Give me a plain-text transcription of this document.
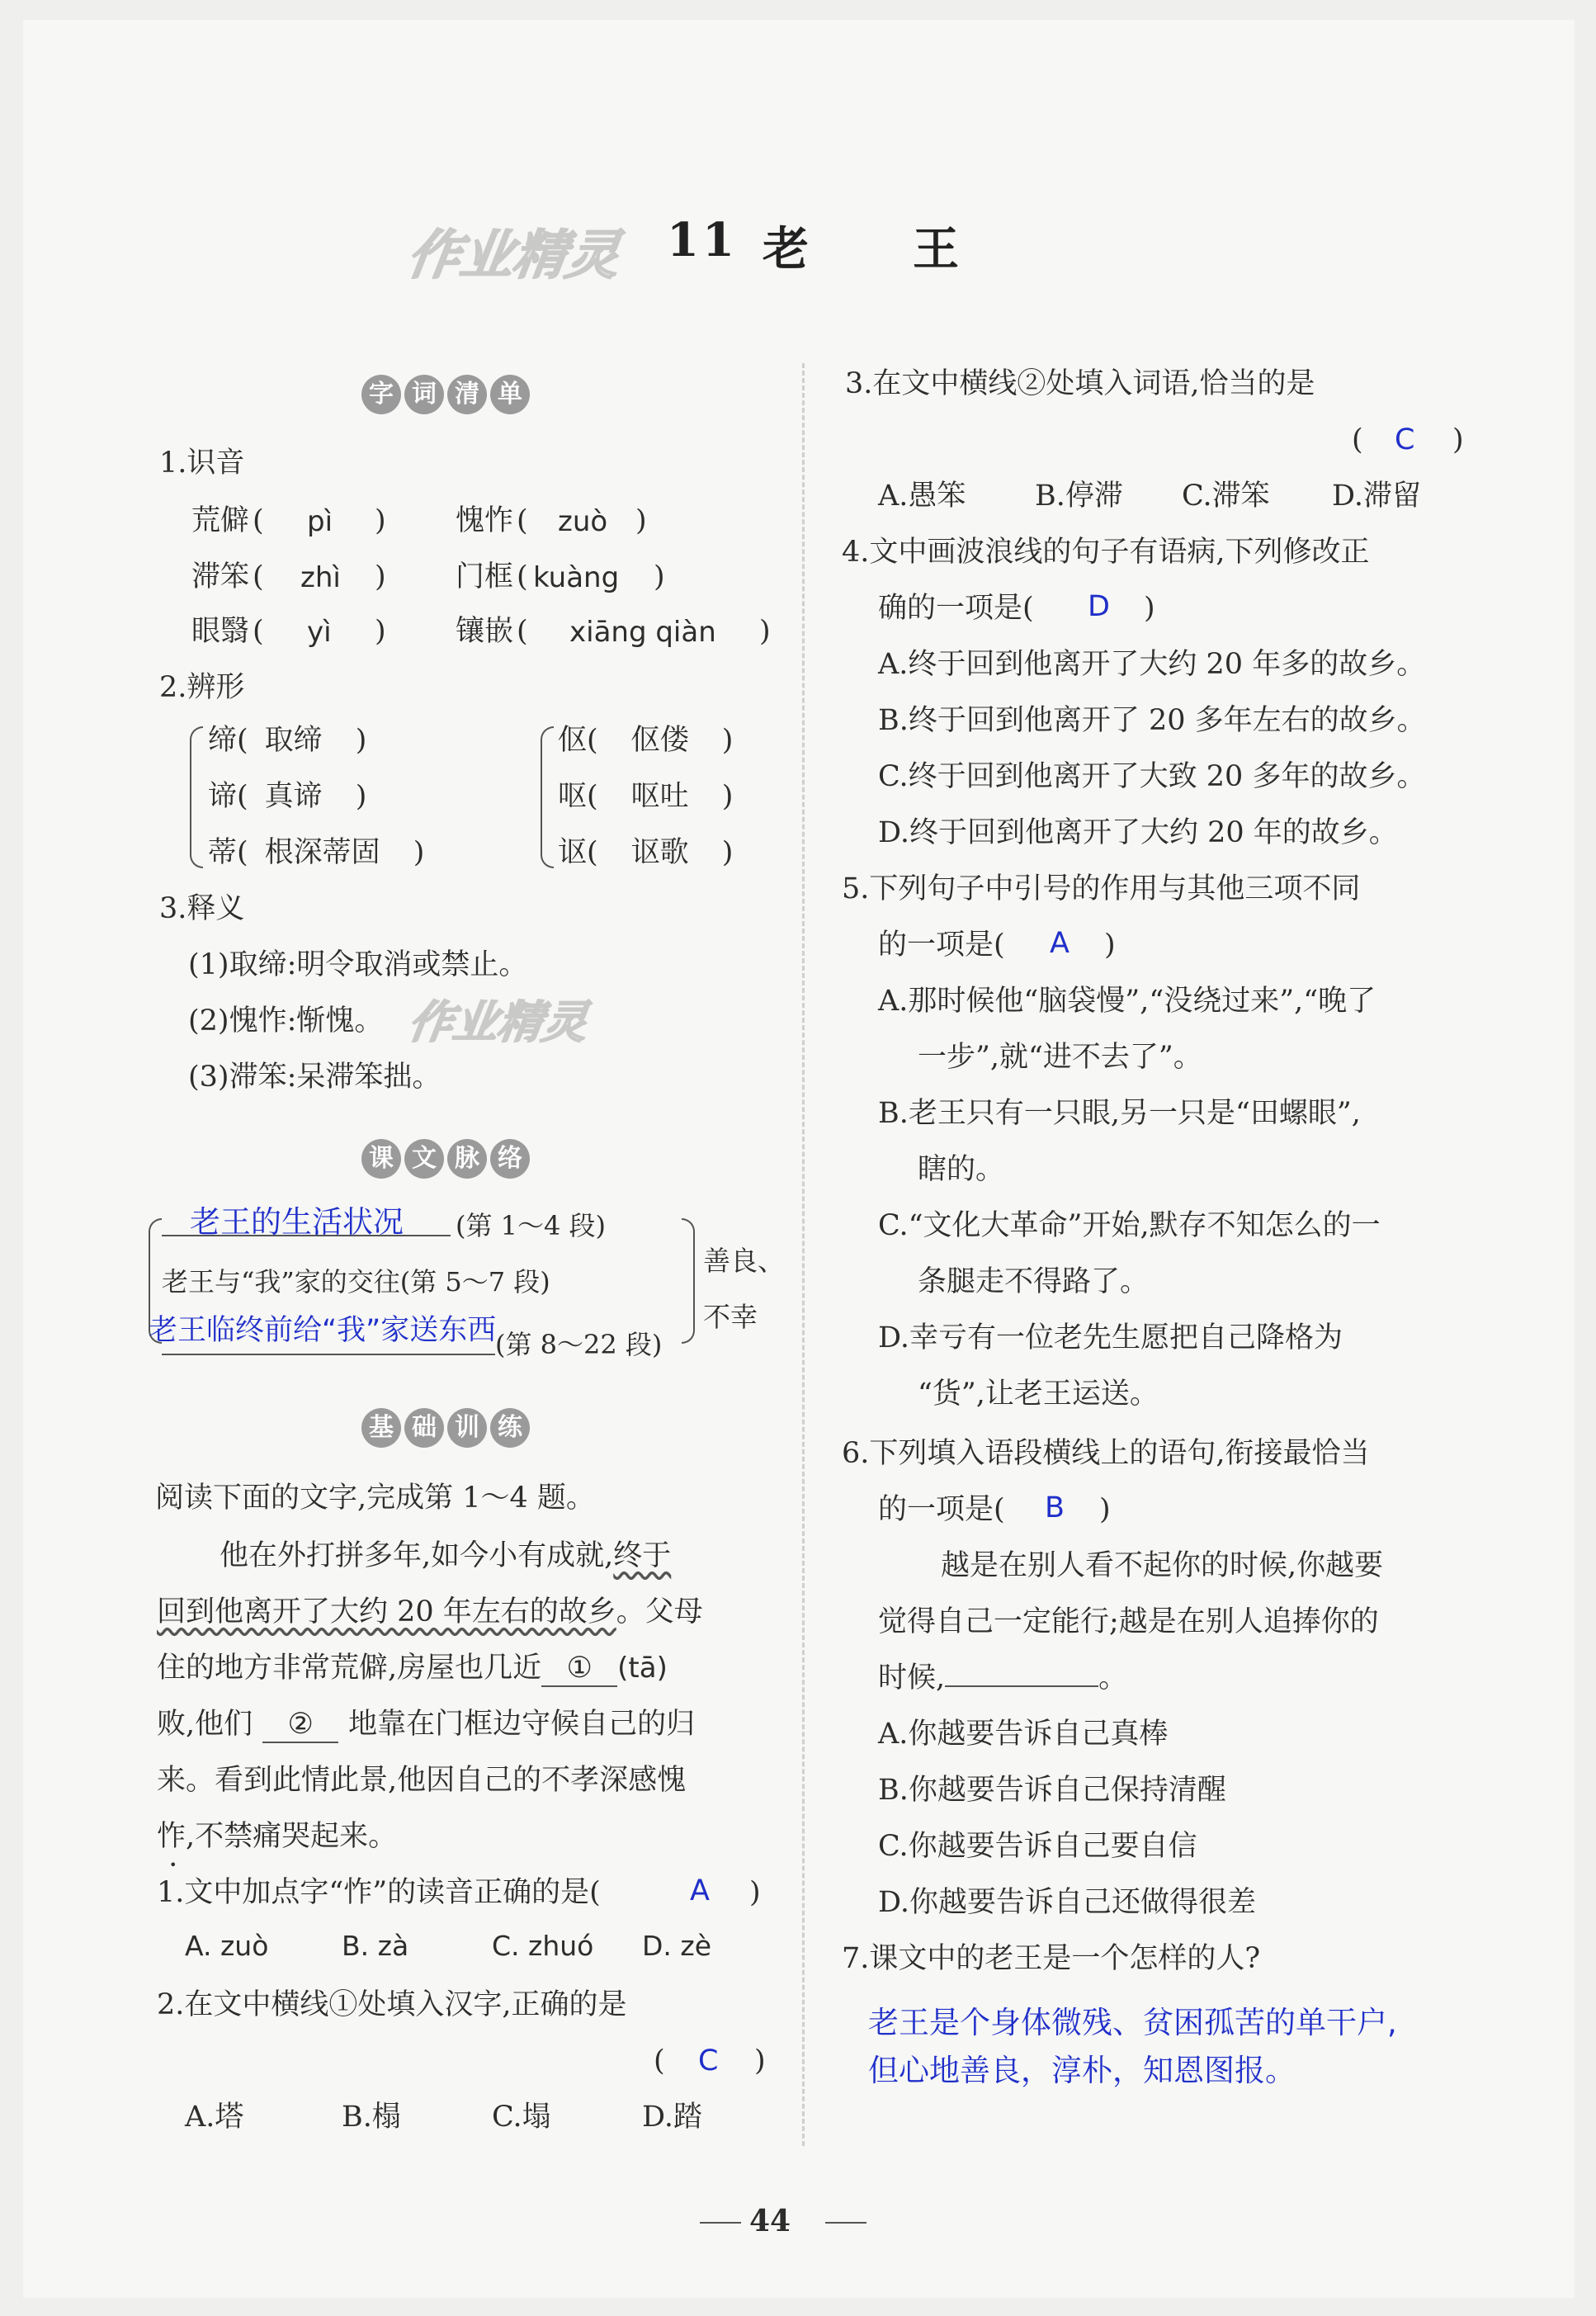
作业精灵 11 老 王
字 词 清 单
1.识音
荒僻 ( pì ) 愧怍 ( zuò )
滞笨 ( zhì ) 门框 ( kuàng )
眼翳 ( yì ) 镶嵌 ( xiāng qiàn )
2.辨形
缔( 取缔 )
谛( 真谛 )
蒂( 根深蒂固 )
伛( 伛偻 )
呕( 呕吐 )
讴( 讴歌 )
3.释义
(1)取缔:明令取消或禁止。
(2)愧怍:惭愧。 作业精灵
(3)滞笨:呆滞笨拙。
课 文 脉 络
老王的生活状况 (第 1～4 段)
老王与“我”家的交往(第 5～7 段)
老王临终前给“我”家送东西
(第 8～22 段)
善良、
不幸
基 础 训 练
阅读下面的文字,完成第 1～4 题。
他在外打拼多年,如今小有成就,终于
回到他离开了大约 20 年左右的故乡。父母
住的地方非常荒僻,房屋也几近 ① (tā)
败,他们 ② 地靠在门框边守候自己的归
来。看到此情此景,他因自己的不孝深感愧
怍,不禁痛哭起来。
•
1.文中加点字“怍”的读音正确的是(	A )
A. zuò	B. zà	C. zhuó D. zè
2.在文中横线①处填入汉字,正确的是
( C )
A.塔	B.榻	C.塌	D.踏
3.在文中横线②处填入词语,恰当的是
( C )
A.愚笨 B.停滞 C.滞笨 D.滞留
4.文中画波浪线的句子有语病,下列修改正
确的一项是( D )
A.终于回到他离开了大约 20 年多的故乡。
B.终于回到他离开了 20 多年左右的故乡。
C.终于回到他离开了大致 20 多年的故乡。
D.终于回到他离开了大约 20 年的故乡。
5.下列句子中引号的作用与其他三项不同
的一项是( A )
A.那时候他“脑袋慢”,“没绕过来”,“晚了
一步”,就“进不去了”。
B.老王只有一只眼,另一只是“田螺眼”,
瞎的。
C.“文化大革命”开始,默存不知怎么的一
条腿走不得路了。
D.幸亏有一位老先生愿把自己降格为
“货”,让老王运送。
6.下列填入语段横线上的语句,衔接最恰当
的一项是( B )
越是在别人看不起你的时候,你越要
觉得自己一定能行;越是在别人追捧你的
时候,	。
A.你越要告诉自己真棒
B.你越要告诉自己保持清醒
C.你越要告诉自己要自信
D.你越要告诉自己还做得很差
7.课文中的老王是一个怎样的人?
老王是个身体微残、贫困孤苦的单干户,
但心地善良，淳朴，知恩图报。
44
